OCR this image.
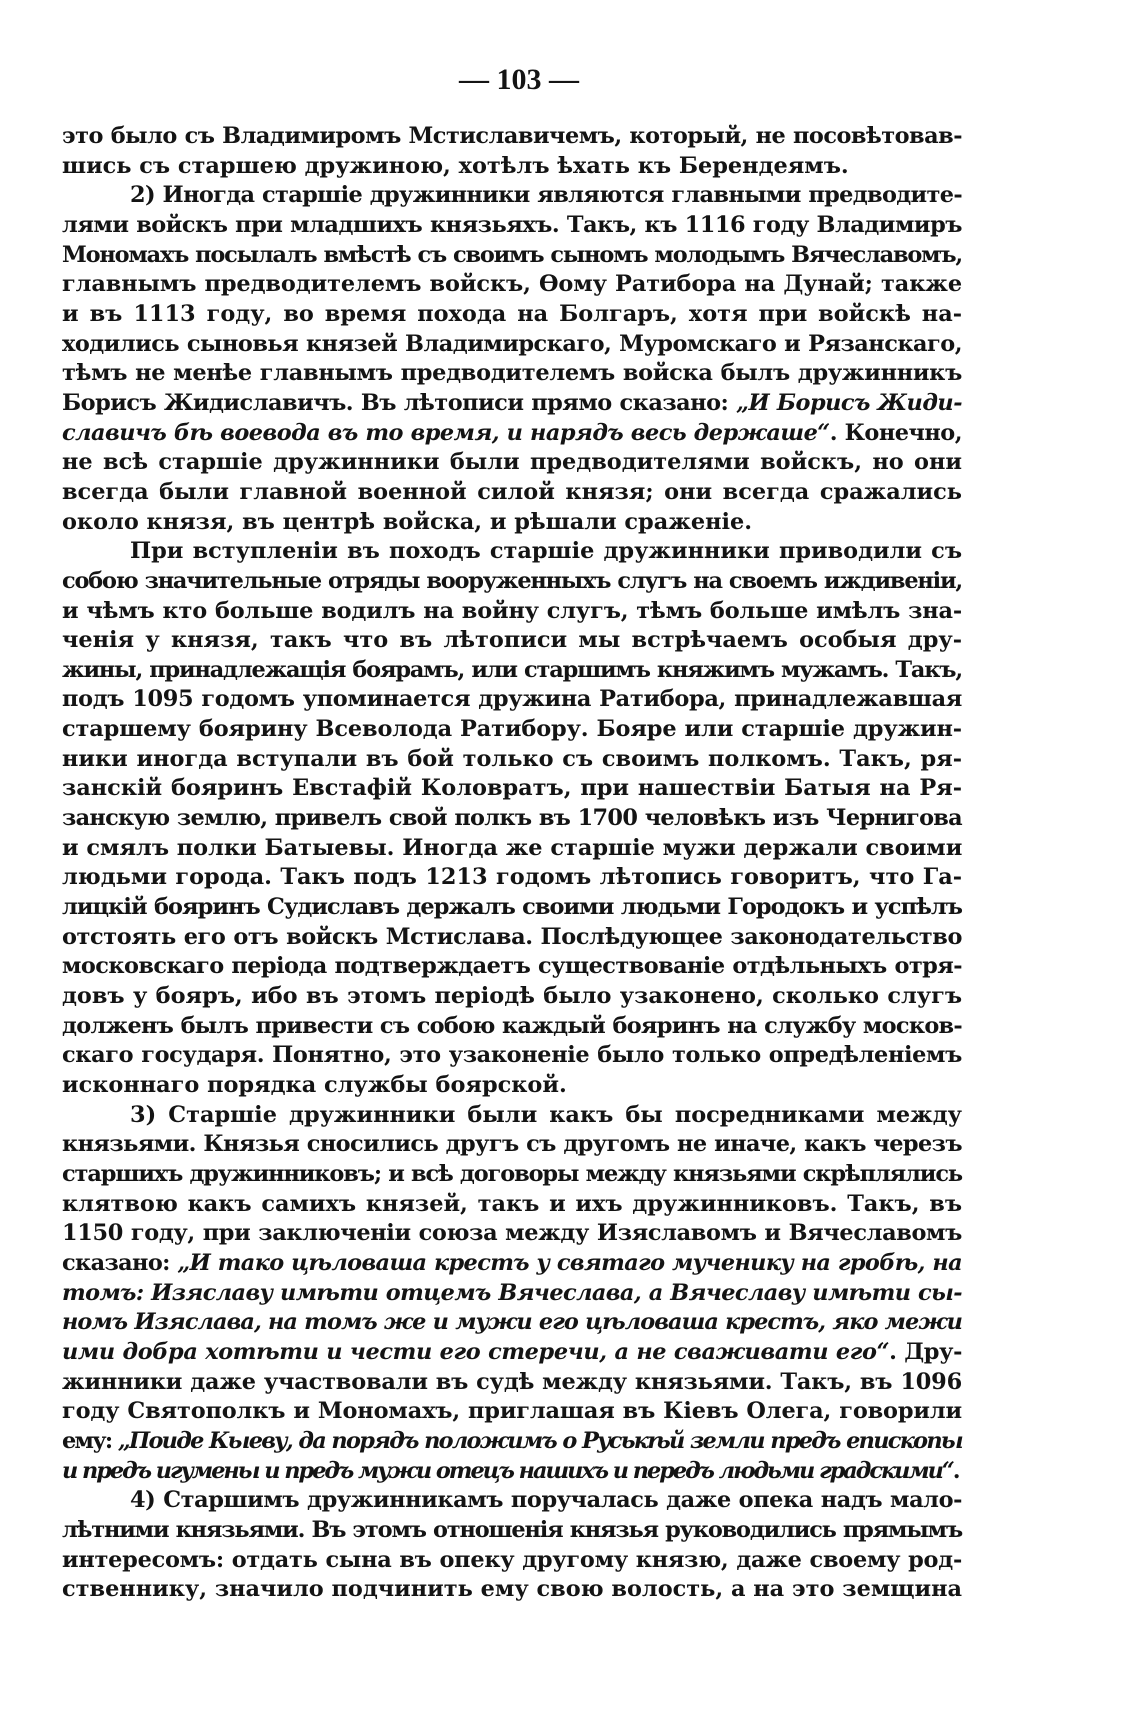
— 103 —
это было съ Владимиромъ Мстиславичемъ, который, не посовѣтовав-
шись съ старшею дружиною, хотѣлъ ѣхать къ Берендеямъ.
2) Иногда старшіе дружинники являются главными предводите-
лями войскъ при младшихъ князьяхъ. Такъ, къ 1116 году Владимиръ
Мономахъ посылалъ вмѣстѣ съ своимъ сыномъ молодымъ Вячеславомъ,
главнымъ предводителемъ войскъ, Ѳому Ратибора на Дунай; также
и въ 1113 году, во время похода на Болгаръ, хотя при войскѣ на-
ходились сыновья князей Владимирскаго, Муромскаго и Рязанскаго,
тѣмъ не менѣе главнымъ предводителемъ войска былъ дружинникъ
Борисъ Жидиславичъ. Въ лѣтописи прямо сказано: „И Борисъ Жиди-
славичъ бѣ воевода въ то время, и нарядъ весь держаше“. Конечно,
не всѣ старшіе дружинники были предводителями войскъ, но они
всегда были главной военной силой князя; они всегда сражались
около князя, въ центрѣ войска, и рѣшали сраженіе.
При вступленіи въ походъ старшіе дружинники приводили съ
собою значительные отряды вооруженныхъ слугъ на своемъ иждивеніи,
и чѣмъ кто больше водилъ на войну слугъ, тѣмъ больше имѣлъ зна-
ченія у князя, такъ что въ лѣтописи мы встрѣчаемъ особыя дру-
жины, принадлежащія боярамъ, или старшимъ княжимъ мужамъ. Такъ,
подъ 1095 годомъ упоминается дружина Ратибора, принадлежавшая
старшему боярину Всеволода Ратибору. Бояре или старшіе дружин-
ники иногда вступали въ бой только съ своимъ полкомъ. Такъ, ря-
занскій бояринъ Евстафій Коловратъ, при нашествіи Батыя на Ря-
занскую землю, привелъ свой полкъ въ 1700 человѣкъ изъ Чернигова
и смялъ полки Батыевы. Иногда же старшіе мужи держали своими
людьми города. Такъ подъ 1213 годомъ лѣтопись говоритъ, что Га-
лицкій бояринъ Судиславъ держалъ своими людьми Городокъ и успѣлъ
отстоять его отъ войскъ Мстислава. Послѣдующее законодательство
московскаго періода подтверждаетъ существованіе отдѣльныхъ отря-
довъ у бояръ, ибо въ этомъ періодѣ было узаконено, сколько слугъ
долженъ былъ привести съ собою каждый бояринъ на службу москов-
скаго государя. Понятно, это узаконеніе было только опредѣленіемъ
исконнаго порядка службы боярской.
3) Старшіе дружинники были какъ бы посредниками между
князьями. Князья сносились другъ съ другомъ не иначе, какъ черезъ
старшихъ дружинниковъ; и всѣ договоры между князьями скрѣплялись
клятвою какъ самихъ князей, такъ и ихъ дружинниковъ. Такъ, въ
1150 году, при заключеніи союза между Изяславомъ и Вячеславомъ
сказано: „И тако цѣловаша крестъ у святаго мученику на гробѣ, на
томъ: Изяславу имѣти отцемъ Вячеслава, а Вячеславу имѣти сы-
номъ Изяслава, на томъ же и мужи его цѣловаша крестъ, яко межи
ими добра хотѣти и чести его стеречи, а не сваживати его“. Дру-
жинники даже участвовали въ судѣ между князьями. Такъ, въ 1096
году Святополкъ и Мономахъ, приглашая въ Кіевъ Олега, говорили
ему: „Поиде Кыеву, да порядъ положимъ о Руськѣй земли предъ епископы
и предъ игумены и предъ мужи отецъ нашихъ и передъ людьми градскими“.
4) Старшимъ дружинникамъ поручалась даже опека надъ мало-
лѣтними князьями. Въ этомъ отношенія князья руководились прямымъ
интересомъ: отдать сына въ опеку другому князю, даже своему род-
ственнику, значило подчинить ему свою волость, а на это земщина
